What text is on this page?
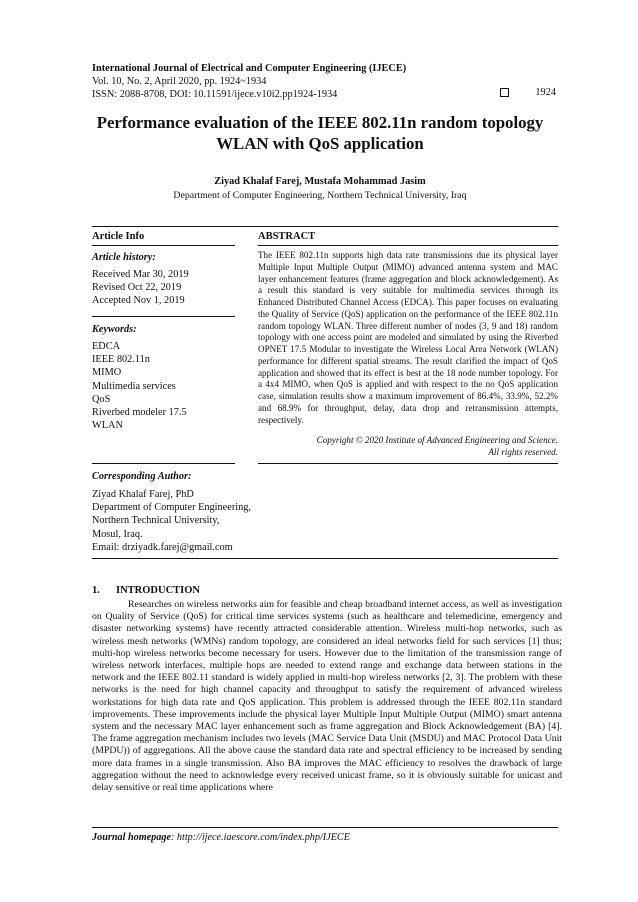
International Journal of Electrical and Computer Engineering (IJECE)
Vol. 10, No. 2, April 2020, pp. 1924~1934
ISSN: 2088-8708, DOI: 10.11591/ijece.v10i2.pp1924-1934	1924
Performance evaluation of the IEEE 802.11n random topology
WLAN with QoS application
Ziyad Khalaf Farej, Mustafa Mohammad Jasim
Department of Computer Engineering, Northern Technical University, Iraq
Article Info	ABSTRACT
Article history:
Received Mar 30, 2019
Revised Oct 22, 2019
Accepted Nov 1, 2019
Keywords:
EDCA
IEEE 802.11n
MIMO
Multimedia services
QoS
Riverbed modeler 17.5
WLAN
The IEEE 802.11n supports high data rate transmissions due its physical layer Multiple Input Multiple Output (MIMO) advanced antenna system and MAC layer enhancement features (frame aggregation and block acknowledgement). As a result this standard is very suitable for multimedia services through its Enhanced Distributed Channel Access (EDCA). This paper focuses on evaluating the Quality of Service (QoS) application on the performance of the IEEE 802.11n random topology WLAN. Three different number of nodes (3, 9 and 18) random topology with one access point are modeled and simulated by using the Riverbed OPNET 17.5 Modular to investigate the Wireless Local Area Network (WLAN) performance for different spatial streams. The result clarified the impact of QoS application and showed that its effect is best at the 18 node number topology. For a 4x4 MIMO, when QoS is applied and with respect to the no QoS application case, simulation results show a maximum improvement of 86.4%, 33.9%, 52.2% and 68.9% for throughput, delay, data drop and retransmission attempts, respectively.
Copyright © 2020 Institute of Advanced Engineering and Science.
All rights reserved.
Corresponding Author:
Ziyad Khalaf Farej, PhD
Department of Computer Engineering,
Northern Technical University,
Mosul, Iraq.
Email: drziyadk.farej@gmail.com
1. INTRODUCTION

Researches on wireless networks aim for feasible and cheap broadband internet access, as well as investigation on Quality of Service (QoS) for critical time services systems (such as healthcare and telemedicine, emergency and disaster networking systems) have recently attracted considerable attention. Wireless multi-hop networks, such as wireless mesh networks (WMNs) random topology, are considered an ideal networks field for such services [1] thus; multi-hop wireless networks become necessary for users. However due to the limitation of the transmission range of wireless network interfaces, multiple hops are needed to extend range and exchange data between stations in the network and the IEEE 802.11 standard is widely applied in multi-hop wireless networks [2, 3]. The problem with these networks is the need for high channel capacity and throughput to satisfy the requirement of advanced wireless workstations for high data rate and QoS application. This problem is addressed through the IEEE 802.11n standard improvements. These improvements include the physical layer Multiple Input Multiple Output (MIMO) smart antenna system and the necessary MAC layer enhancement such as frame aggregation and Block Acknowledgement (BA) [4]. The frame aggregation mechanism includes two levels (MAC Service Data Unit (MSDU) and MAC Protocol Data Unit (MPDU)) of aggregations. All the above cause the standard data rate and spectral efficiency to be increased by sending more data frames in a single transmission. Also BA improves the MAC efficiency to resolves the drawback of large aggregation without the need to acknowledge every received unicast frame, so it is obviously suitable for unicast and delay sensitive or real time applications where

Journal homepage: http://ijece.iaescore.com/index.php/IJECE
